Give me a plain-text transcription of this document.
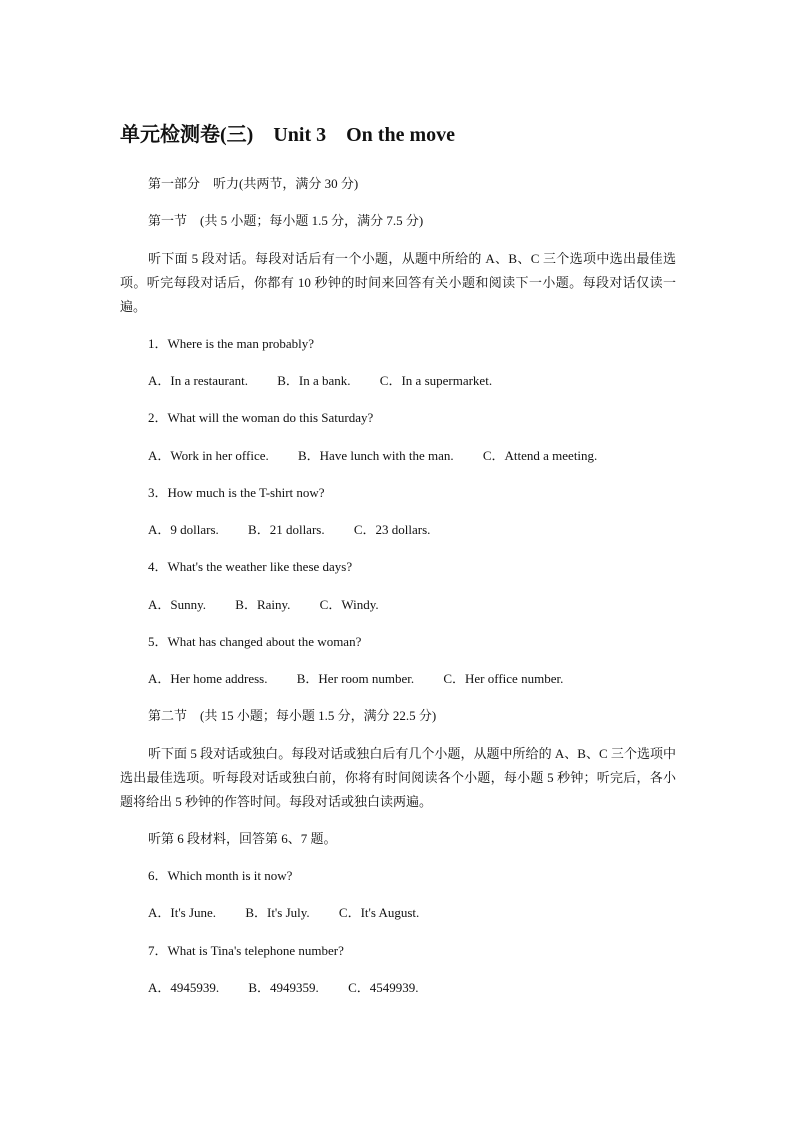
单元检测卷(三)    Unit 3    On the move
第一部分    听力(共两节，满分 30 分)
第一节    (共 5 小题；每小题 1.5 分，满分 7.5 分)

听下面 5 段对话。每段对话后有一个小题，从题中所给的 A、B、C 三个选项中选出最佳选项。听完每段对话后，你都有 10 秒钟的时间来回答有关小题和阅读下一小题。每段对话仅读一遍。

1．Where is the man probably?
A．In a restaurant. B．In a bank. C．In a supermarket.
2．What will the woman do this Saturday?
A．Work in her office. B．Have lunch with the man. C．Attend a meeting.
3．How much is the T-shirt now?
A．9 dollars. B．21 dollars. C．23 dollars.
4．What's the weather like these days?
A．Sunny. B．Rainy. C．Windy.
5．What has changed about the woman?
A．Her home address. B．Her room number. C．Her office number.
第二节    (共 15 小题；每小题 1.5 分，满分 22.5 分)

听下面 5 段对话或独白。每段对话或独白后有几个小题，从题中所给的 A、B、C 三个选项中选出最佳选项。听每段对话或独白前，你将有时间阅读各个小题，每小题 5 秒钟；听完后，各小题将给出 5 秒钟的作答时间。每段对话或独白读两遍。

听第 6 段材料，回答第 6、7 题。
6．Which month is it now?
A．It's June. B．It's July. C．It's August.
7．What is Tina's telephone number?
A．4945939. B．4949359. C．4549939.
